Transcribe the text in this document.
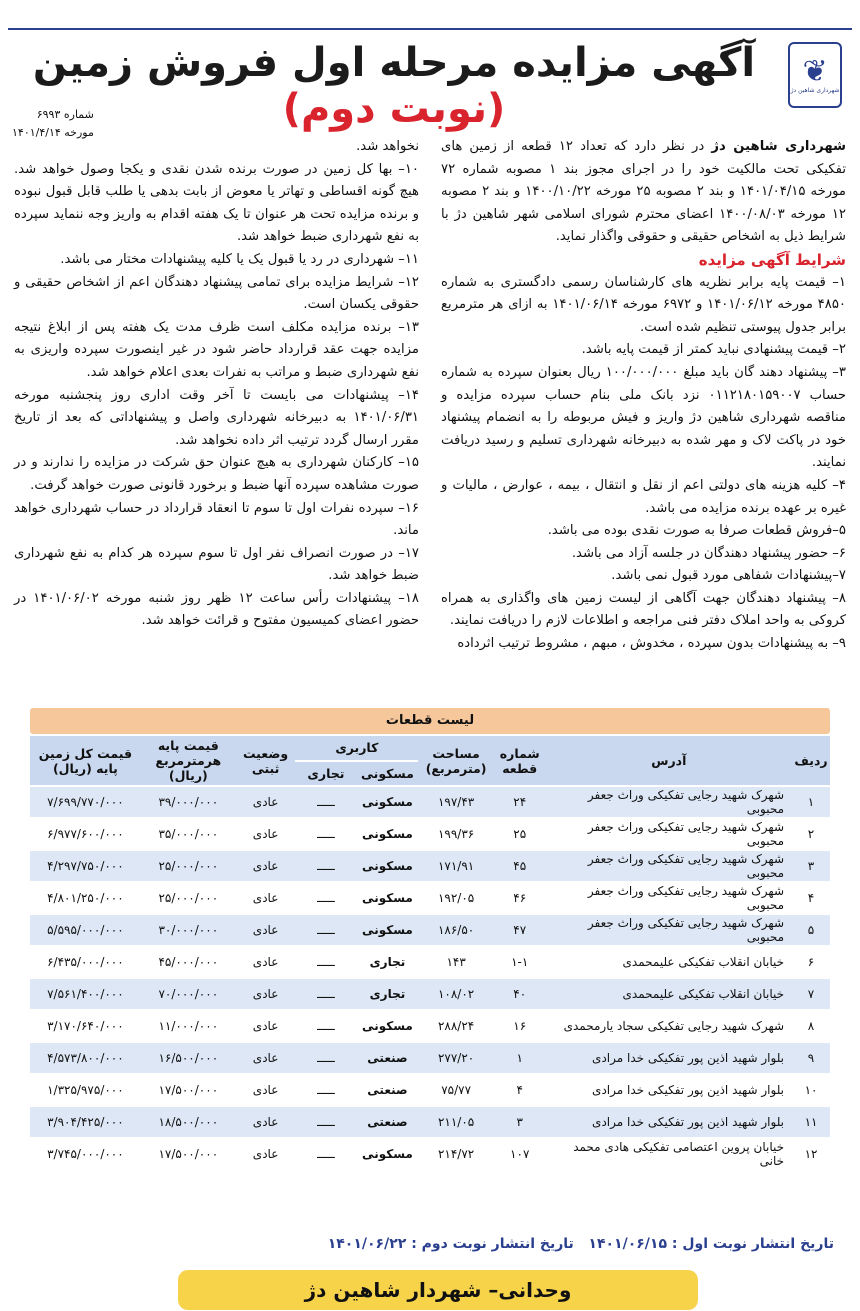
❦
شهرداری شاهین دژ
آگهی مزایده مرحله اول فروش زمین (نوبت دوم)
شماره ۶۹۹۳
مورخه ۱۴۰۱/۴/۱۴

شهرداری شاهین دژ در نظر دارد که تعداد ۱۲ قطعه از زمین های تفکیکی تحت مالکیت خود را در اجرای مجوز بند ۱ مصوبه شماره ۷۲ مورخه ۱۴۰۱/۰۴/۱۵ و بند ۲ مصوبه ۲۵ مورخه ۱۴۰۰/۱۰/۲۲ و بند ۲ مصوبه ۱۲ مورخه ۱۴۰۰/۰۸/۰۳ اعضای محترم شورای اسلامی شهر شاهین دژ با شرایط ذیل به اشخاص حقیقی و حقوقی واگذار نماید.

شرایط آگهی مزایده

۱– قیمت پایه برابر نظریه های کارشناسان رسمی دادگستری به شماره ۴۸۵۰ مورخه ۱۴۰۱/۰۶/۱۲ و ۶۹۷۲ مورخه ۱۴۰۱/۰۶/۱۴ به ازای هر مترمربع برابر جدول پیوستی تنظیم شده است.

۲– قیمت پیشنهادی نباید کمتر از قیمت پایه باشد.

۳– پیشنهاد دهند گان باید مبلغ ۱۰۰/۰۰۰/۰۰۰ ریال بعنوان سپرده به شماره حساب ۰۱۱۲۱۸۰۱۵۹۰۰۷ نزد بانک ملی بنام حساب سپرده مزایده و مناقصه شهرداری شاهین دژ واریز و فیش مربوطه را به انضمام پیشنهاد خود در پاکت لاک و مهر شده به دبیرخانه شهرداری تسلیم و رسید دریافت نمایند.

۴– کلیه هزینه های دولتی اعم از نقل و انتقال ، بیمه ، عوارض ، مالیات و غیره بر عهده برنده مزایده می باشد.

۵–فروش قطعات صرفا به صورت نقدی بوده می باشد.

۶– حضور پیشنهاد دهندگان در جلسه آزاد می باشد.

۷–پیشنهادات شفاهی مورد قبول نمی باشد.

۸– پیشنهاد دهندگان جهت آگاهی از لیست زمین های واگذاری به همراه کروکی به واحد املاک دفتر فنی مراجعه و اطلاعات لازم را دریافت نمایند.

۹– به پیشنهادات بدون سپرده ، مخدوش ، مبهم ، مشروط ترتیب اثرداده

نخواهد شد.

۱۰– بها کل زمین در صورت برنده شدن نقدی و یکجا وصول خواهد شد. هیچ گونه اقساطی و تهاتر یا معوض از بابت بدهی یا طلب قابل قبول نبوده و برنده مزایده تحت هر عنوان تا یک هفته اقدام به واریز وجه ننماید سپرده به نفع شهرداری ضبط خواهد شد.

۱۱– شهرداری در رد یا قبول یک یا کلیه پیشنهادات مختار می باشد.

۱۲– شرایط مزایده برای تمامی پیشنهاد دهندگان اعم از اشخاص حقیقی و حقوقی یکسان است.

۱۳– برنده مزایده مکلف است ظرف مدت یک هفته پس از ابلاغ نتیجه مزایده جهت عقد قرارداد حاضر شود در غیر اینصورت سپرده واریزی به نفع شهرداری ضبط و مراتب به نفرات بعدی اعلام خواهد شد.

۱۴– پیشنهادات می بایست تا آخر وقت اداری روز پنجشنبه مورخه ۱۴۰۱/۰۶/۳۱ به دبیرخانه شهرداری واصل و پیشنهاداتی که بعد از تاریخ مقرر ارسال گردد ترتیب اثر داده نخواهد شد.

۱۵– کارکنان شهرداری به هیچ عنوان حق شرکت در مزایده را ندارند و در صورت مشاهده سپرده آنها ضبط و برخورد قانونی صورت خواهد گرفت.

۱۶– سپرده نفرات اول تا سوم تا انعقاد قرارداد در حساب شهرداری خواهد ماند.

۱۷– در صورت انصراف نفر اول تا سوم سپرده هر کدام به نفع شهرداری ضبط خواهد شد.

۱۸– پیشنهادات رأس ساعت ۱۲ ظهر روز شنبه مورخه ۱۴۰۱/۰۶/۰۲ در حضور اعضای کمیسیون مفتوح و قرائت خواهد شد.

لیست قطعات
ردیف	آدرس	شماره قطعه	مساحت (مترمربع)	کاربری		وضعیت ثبتی	قیمت پایه هرمترمربع (ریال)	قیمت کل زمین پایه (ریال)
				مسکونی	تجاری			
۱	شهرک شهید رجایی تفکیکی وراث جعفر محبوبی	۲۴	۱۹۷/۴۳	مسکونی	ـــــ	عادی	۳۹/۰۰۰/۰۰۰	۷/۶۹۹/۷۷۰/۰۰۰
۲	شهرک شهید رجایی تفکیکی وراث جعفر محبوبی	۲۵	۱۹۹/۳۶	مسکونی	ـــــ	عادی	۳۵/۰۰۰/۰۰۰	۶/۹۷۷/۶۰۰/۰۰۰
۳	شهرک شهید رجایی تفکیکی وراث جعفر محبوبی	۴۵	۱۷۱/۹۱	مسکونی	ـــــ	عادی	۲۵/۰۰۰/۰۰۰	۴/۲۹۷/۷۵۰/۰۰۰
۴	شهرک شهید رجایی تفکیکی وراث جعفر محبوبی	۴۶	۱۹۲/۰۵	مسکونی	ـــــ	عادی	۲۵/۰۰۰/۰۰۰	۴/۸۰۱/۲۵۰/۰۰۰
۵	شهرک شهید رجایی تفکیکی وراث جعفر محبوبی	۴۷	۱۸۶/۵۰	مسکونی	ـــــ	عادی	۳۰/۰۰۰/۰۰۰	۵/۵۹۵/۰۰۰/۰۰۰
۶	خیابان انقلاب تفکیکی علیمحمدی	۱-۱	۱۴۳	تجاری	ـــــ	عادی	۴۵/۰۰۰/۰۰۰	۶/۴۳۵/۰۰۰/۰۰۰
۷	خیابان انقلاب تفکیکی علیمحمدی	۴۰	۱۰۸/۰۲	تجاری	ـــــ	عادی	۷۰/۰۰۰/۰۰۰	۷/۵۶۱/۴۰۰/۰۰۰
۸	شهرک شهید رجایی تفکیکی سجاد یارمحمدی	۱۶	۲۸۸/۲۴	مسکونی	ـــــ	عادی	۱۱/۰۰۰/۰۰۰	۳/۱۷۰/۶۴۰/۰۰۰
۹	بلوار شهید اذین پور تفکیکی خدا مرادی	۱	۲۷۷/۲۰	صنعتی	ـــــ	عادی	۱۶/۵۰۰/۰۰۰	۴/۵۷۳/۸۰۰/۰۰۰
۱۰	بلوار شهید اذین پور تفکیکی خدا مرادی	۴	۷۵/۷۷	صنعتی	ـــــ	عادی	۱۷/۵۰۰/۰۰۰	۱/۳۲۵/۹۷۵/۰۰۰
۱۱	بلوار شهید اذین پور تفکیکی خدا مرادی	۳	۲۱۱/۰۵	صنعتی	ـــــ	عادی	۱۸/۵۰۰/۰۰۰	۳/۹۰۴/۴۲۵/۰۰۰
۱۲	خیابان پروین اعتصامی تفکیکی هادی محمد خانی	۱۰۷	۲۱۴/۷۲	مسکونی	ـــــ	عادی	۱۷/۵۰۰/۰۰۰	۳/۷۴۵/۰۰۰/۰۰۰
تاریخ انتشار نوبت اول : ۱۴۰۱/۰۶/۱۵   تاریخ انتشار نوبت دوم : ۱۴۰۱/۰۶/۲۲
وحدانی– شهردار شاهین دژ
